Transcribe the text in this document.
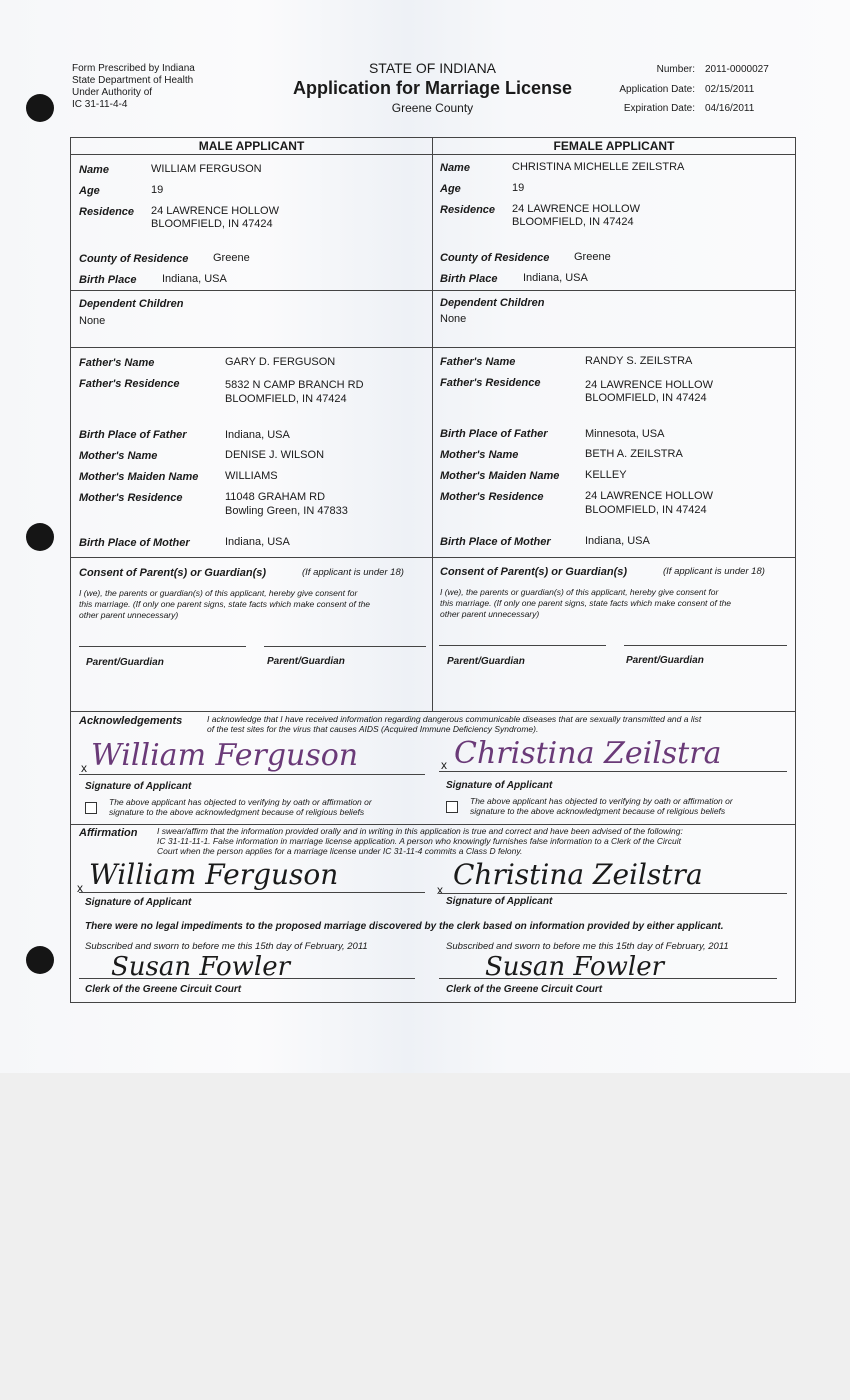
Form Prescribed by Indiana
State Department of Health
Under Authority of
IC 31-11-4-4
STATE OF INDIANA
Application for Marriage License
Greene County
Number: 2011-0000027
Application Date: 02/15/2011
Expiration Date: 04/16/2011
MALE APPLICANT	FEMALE APPLICANT
Name	WILLIAM FERGUSON
Age	19
Residence 24 LAWRENCE HOLLOW
BLOOMFIELD, IN 47424
County of Residence Greene
Birth Place Indiana, USA
Dependent Children
None
Father's Name	GARY D. FERGUSON
Father's Residence	5832 N CAMP BRANCH RD
BLOOMFIELD, IN 47424
Birth Place of Father	Indiana, USA
Mother's Name	DENISE J. WILSON
Mother's Maiden Name WILLIAMS
Mother's Residence	11048 GRAHAM RD
Bowling Green, IN 47833
Birth Place of Mother	Indiana, USA
Consent of Parent(s) or Guardian(s)	(If applicant is under 18)
I (we), the parents or guardian(s) of this applicant, hereby give consent for
this marriage. (If only one parent signs, state facts which make consent of the
other parent unnecessary)
Parent/Guardian	Parent/Guardian
Name	CHRISTINA MICHELLE ZEILSTRA
Age	19
Residence 24 LAWRENCE HOLLOW
BLOOMFIELD, IN 47424
County of Residence Greene
Birth Place Indiana, USA
Dependent Children
None
Father's Name	RANDY S. ZEILSTRA
Father's Residence	24 LAWRENCE HOLLOW
BLOOMFIELD, IN 47424
Birth Place of Father	Minnesota, USA
Mother's Name	BETH A. ZEILSTRA
Mother's Maiden Name KELLEY
Mother's Residence	24 LAWRENCE HOLLOW
BLOOMFIELD, IN 47424
Birth Place of Mother	Indiana, USA
Consent of Parent(s) or Guardian(s)	(If applicant is under 18)
I (we), the parents or guardian(s) of this applicant, hereby give consent for
this marriage. (If only one parent signs, state facts which make consent of the
other parent unnecessary)
Parent/Guardian	Parent/Guardian
Acknowledgements	I acknowledge that I have received information regarding dangerous communicable diseases that are sexually transmitted and a list
of the test sites for the virus that causes AIDS (Acquired Immune Deficiency Syndrome).
x William Ferguson
Signature of Applicant
The above applicant has objected to verifying by oath or affirmation or
signature to the above acknowledgment because of religious beliefs
x Christina Zeilstra
Signature of Applicant
The above applicant has objected to verifying by oath or affirmation or
signature to the above acknowledgment because of religious beliefs
Affirmation I swear/affirm that the information provided orally and in writing in this application is true and correct and have been advised of the following:
IC 31-11-11-1. False information in marriage license application. A person who knowingly furnishes false information to a Clerk of the Circuit
Court when the person applies for a marriage license under IC 31-11-4 commits a Class D felony.
x William Ferguson
Signature of Applicant
x Christina Zeilstra
Signature of Applicant
There were no legal impediments to the proposed marriage discovered by the clerk based on information provided by either applicant.
Subscribed and sworn to before me this 15th day of February, 2011
Susan Fowler
Clerk of the Greene Circuit Court
Subscribed and sworn to before me this 15th day of February, 2011
Susan Fowler
Clerk of the Greene Circuit Court
